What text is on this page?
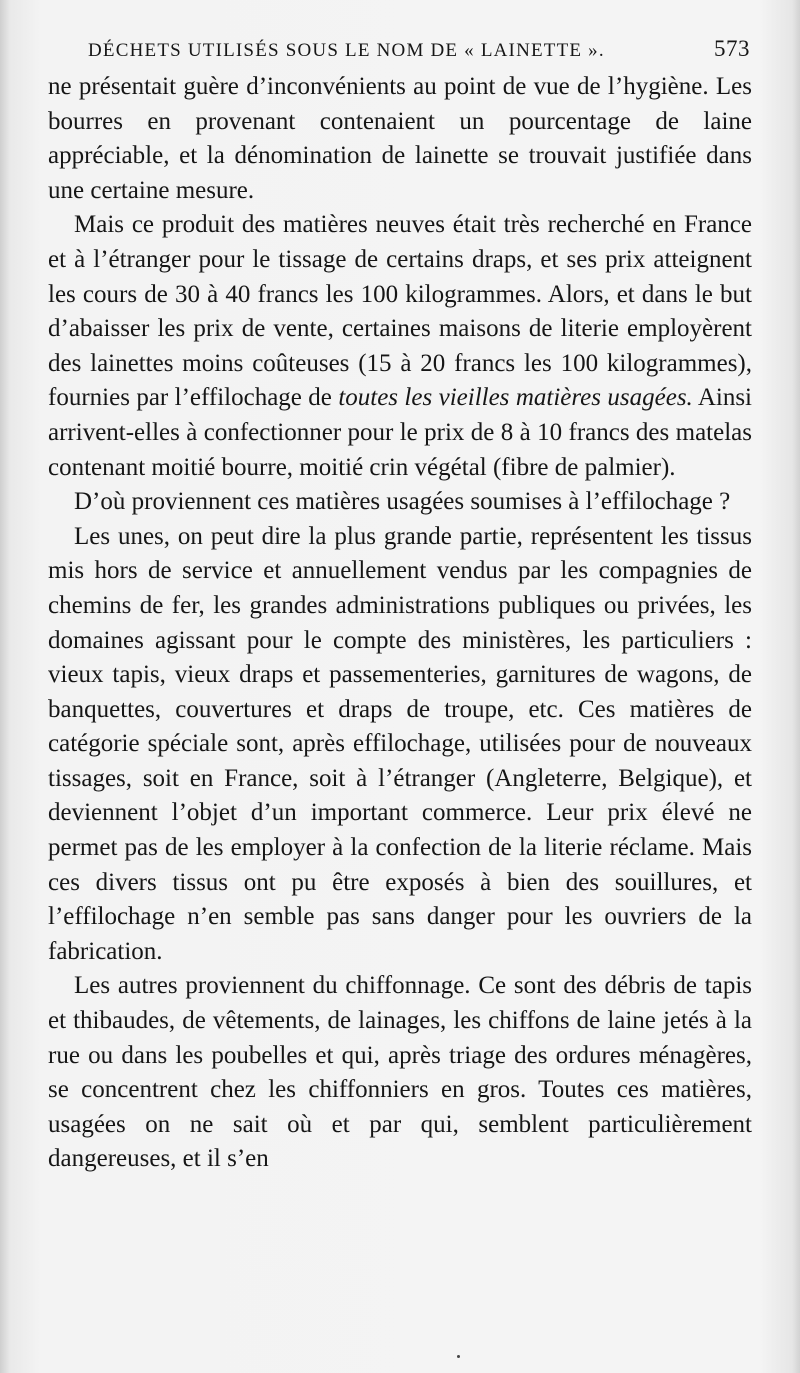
DÉCHETS UTILISÉS SOUS LE NOM DE « LAINETTE ».	573

ne présentait guère d’inconvénients au point de vue de l’hygiène. Les bourres en provenant contenaient un pourcentage de laine appréciable, et la dénomination de lainette se trouvait justifiée dans une certaine mesure.

Mais ce produit des matières neuves était très recherché en France et à l’étranger pour le tissage de certains draps, et ses prix atteignent les cours de 30 à 40 francs les 100 kilogrammes. Alors, et dans le but d’abaisser les prix de vente, certaines maisons de literie employèrent des lainettes moins coûteuses (15 à 20 francs les 100 kilogrammes), fournies par l’effilochage de toutes les vieilles matières usagées. Ainsi arrivent-elles à confectionner pour le prix de 8 à 10 francs des matelas contenant moitié bourre, moitié crin végétal (fibre de palmier).

D’où proviennent ces matières usagées soumises à l’effilochage ?

Les unes, on peut dire la plus grande partie, représentent les tissus mis hors de service et annuellement vendus par les compagnies de chemins de fer, les grandes administrations publiques ou privées, les domaines agissant pour le compte des ministères, les particuliers : vieux tapis, vieux draps et passementeries, garnitures de wagons, de banquettes, couvertures et draps de troupe, etc. Ces matières de catégorie spéciale sont, après effilochage, utilisées pour de nouveaux tissages, soit en France, soit à l’étranger (Angleterre, Belgique), et deviennent l’objet d’un important commerce. Leur prix élevé ne permet pas de les employer à la confection de la literie réclame. Mais ces divers tissus ont pu être exposés à bien des souillures, et l’effilochage n’en semble pas sans danger pour les ouvriers de la fabrication.

Les autres proviennent du chiffonnage. Ce sont des débris de tapis et thibaudes, de vêtements, de lainages, les chiffons de laine jetés à la rue ou dans les poubelles et qui, après triage des ordures ménagères, se concentrent chez les chiffonniers en gros. Toutes ces matières, usagées on ne sait où et par qui, semblent particulièrement dangereuses, et il s’en
